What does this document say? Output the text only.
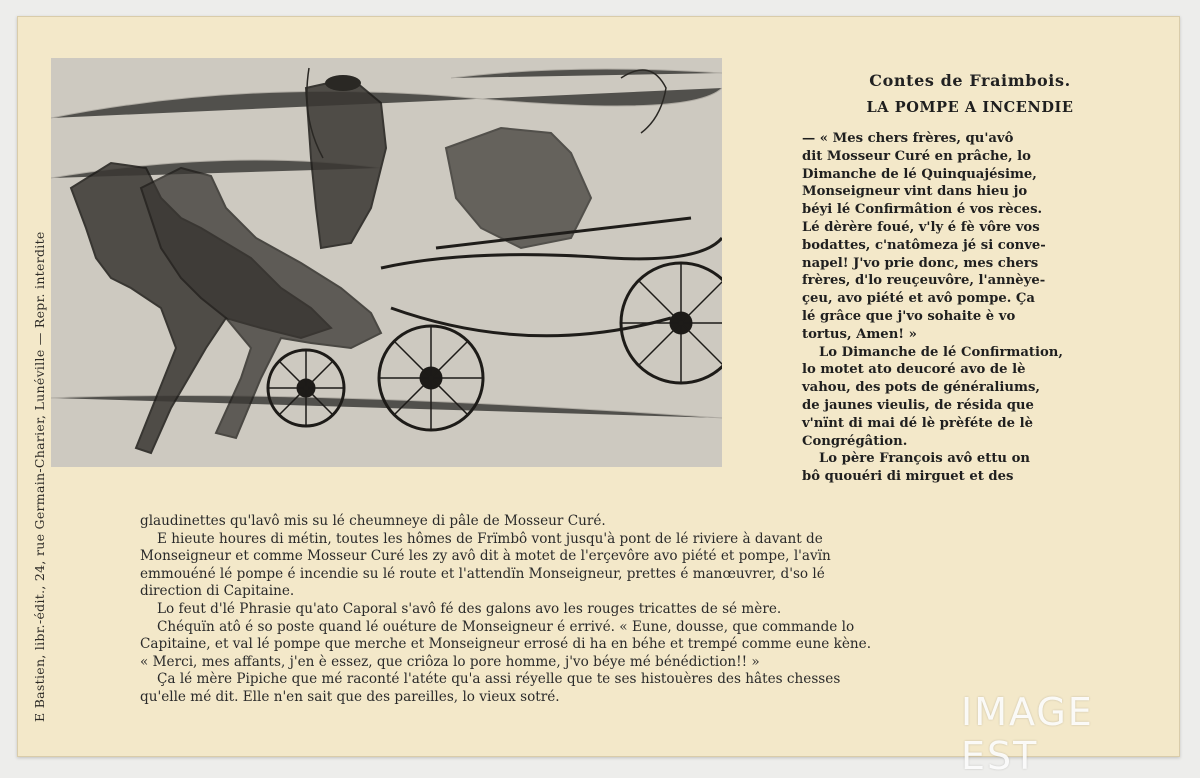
E Bastien, libr.-édit., 24, rue Germain-Charier, Lunéville — Repr. interdite
Contes de Fraimbois.
LA POMPE A INCENDIE
— « Mes chers frères, qu'avô
dit Mosseur Curé en prâche, lo
Dimanche de lé Quinquajésime,
Monseigneur vint dans hieu jo
béyi lé Confirmâtion é vos rèces.
Lé dèrère foué, v'ly é fè vôre vos
bodattes, c'natômeza jé si conve-
napel! J'vo prie donc, mes chers
frères, d'lo reuçeuvôre, l'annèye-
çeu, avo piété et avô pompe. Ça
lé grâce que j'vo sohaite è vo
tortus, Amen! »
Lo Dimanche de lé Confirmation,
lo motet ato deucoré avo de lè
vahou, des pots de généraliums,
de jaunes vieulis, de résida que
v'nïnt di mai dé lè prèféte de lè
Congrégâtion.
Lo père François avô ettu on
bô quouéri di mirguet et des
glaudinettes qu'lavô mis su lé cheumneye di pâle de Mosseur Curé.
E hieute houres di métin, toutes les hômes de Frïmbô vont jusqu'à pont de lé riviere à davant de
Monseigneur et comme Mosseur Curé les zy avô dit à motet de l'erçevôre avo piété et pompe, l'avïn
emmouéné lé pompe é incendie su lé route et l'attendïn Monseigneur, prettes é manœuvrer, d'so lé
direction di Capitaine.
Lo feut d'lé Phrasie qu'ato Caporal s'avô fé des galons avo les rouges tricattes de sé mère.
Chéquïn atô é so poste quand lé ouéture de Monseigneur é errivé. « Eune, dousse, que commande lo
Capitaine, et val lé pompe que merche et Monseigneur errosé di ha en béhe et trempé comme eune kène.
« Merci, mes affants, j'en è essez, que criôza lo pore homme, j'vo béye mé bénédiction!! »
Ça lé mère Pipiche que mé raconté l'atéte qu'a assi réyelle que te ses histouères des hâtes chesses
qu'elle mé dit. Elle n'en sait que des pareilles, lo vieux sotré.	IMAGE EST
